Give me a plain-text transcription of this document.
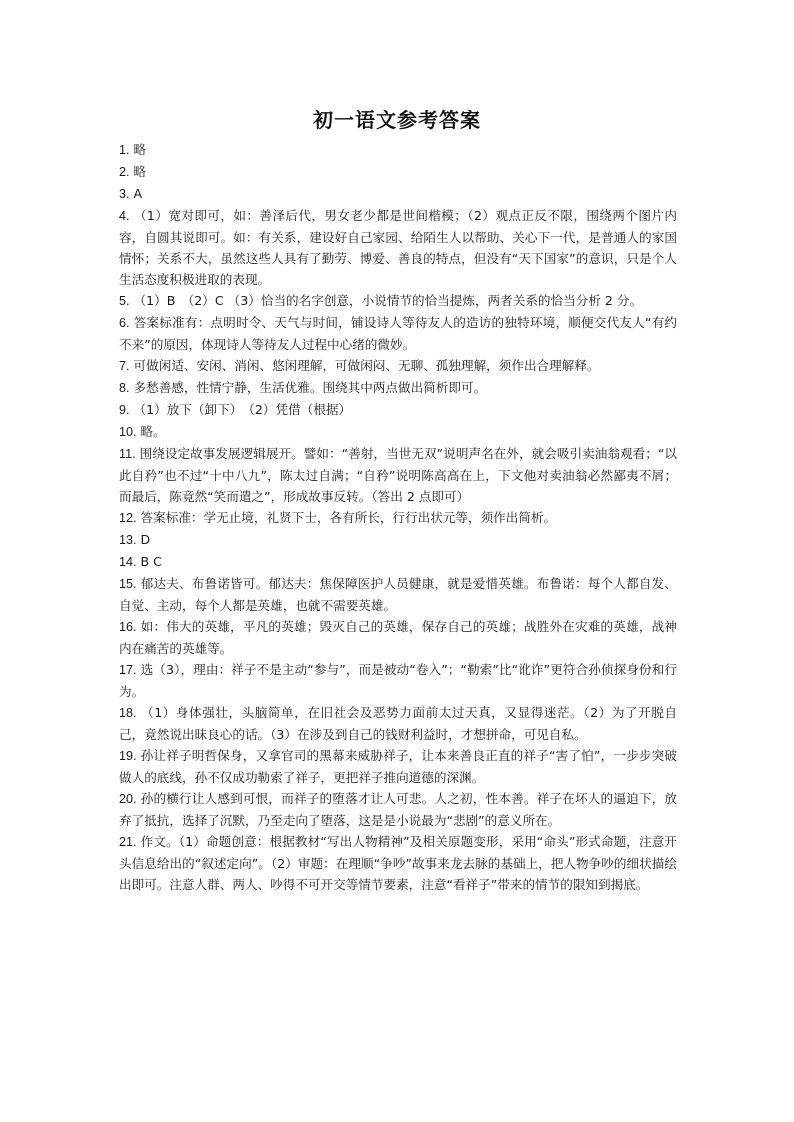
初一语文参考答案

1. 略

2. 略

3. A

4. （1）宽对即可，如：善泽后代，男女老少都是世间楷模；（2）观点正反不限，围绕两个图片内容，自圆其说即可。如：有关系，建设好自己家园、给陌生人以帮助、关心下一代，是普通人的家国情怀；关系不大，虽然这些人具有了勤劳、博爱、善良的特点，但没有“天下国家”的意识，只是个人生活态度积极进取的表现。

5. （1）B　（2）C （3）恰当的名字创意，小说情节的恰当提炼，两者关系的恰当分析 2 分。

6. 答案标准有：点明时令、天气与时间，铺设诗人等待友人的造访的独特环境，顺便交代友人“有约不来”的原因，体现诗人等待友人过程中心绪的微妙。

7. 可做闲适、安闲、消闲、悠闲理解，可做闲闷、无聊、孤独理解，须作出合理解释。

8. 多愁善感，性情宁静，生活优雅。围绕其中两点做出简析即可。

9. （1）放下（卸下）　（2）凭借（根据）

10. 略。

11. 围绕设定故事发展逻辑展开。譬如：“善射，当世无双”说明声名在外，就会吸引卖油翁观看；“以此自矜”也不过“十中八九”，陈太过自满；“自矜”说明陈高高在上，下文他对卖油翁必然鄙夷不屑；而最后，陈竟然“笑而遣之”，形成故事反转。（答出 2 点即可）

12. 答案标准：学无止境，礼贤下士，各有所长，行行出状元等，须作出简析。

13. D

14. B C

15. 郁达夫、布鲁诺皆可。郁达夫：焦保障医护人员健康，就是爱惜英雄。布鲁诺：每个人都自发、自觉、主动，每个人都是英雄，也就不需要英雄。

16. 如：伟大的英雄，平凡的英雄；毁灭自己的英雄，保存自己的英雄；战胜外在灾难的英雄，战神内在痛苦的英雄等。

17. 选（3），理由：祥子不是主动“参与”，而是被动“卷入”；“勒索”比“讹诈”更符合孙侦探身份和行为。

18. （1）身体强壮，头脑简单，在旧社会及恶势力面前太过天真，又显得迷茫。（2）为了开脱自己，竟然说出昧良心的话。（3）在涉及到自己的钱财利益时，才想拼命，可见自私。

19. 孙让祥子明哲保身，又拿官司的黑幕来威胁祥子，让本来善良正直的祥子“害了怕”，一步步突破做人的底线，孙不仅成功勒索了祥子，更把祥子推向道德的深渊。

20. 孙的横行让人感到可恨，而祥子的堕落才让人可悲。人之初，性本善。祥子在坏人的逼迫下，放弃了抵抗，选择了沉默，乃至走向了堕落，这是是小说最为“悲剧”的意义所在。

21. 作文。（1）命题创意：根据教材“写出人物精神”及相关原题变形，采用“命头”形式命题，注意开头信息给出的“叙述定向”。（2）审题：在理顺“争吵”故事来龙去脉的基础上，把人物争吵的细状描绘出即可。注意人群、两人、吵得不可开交等情节要素，注意“看祥子”带来的情节的限知到揭底。
